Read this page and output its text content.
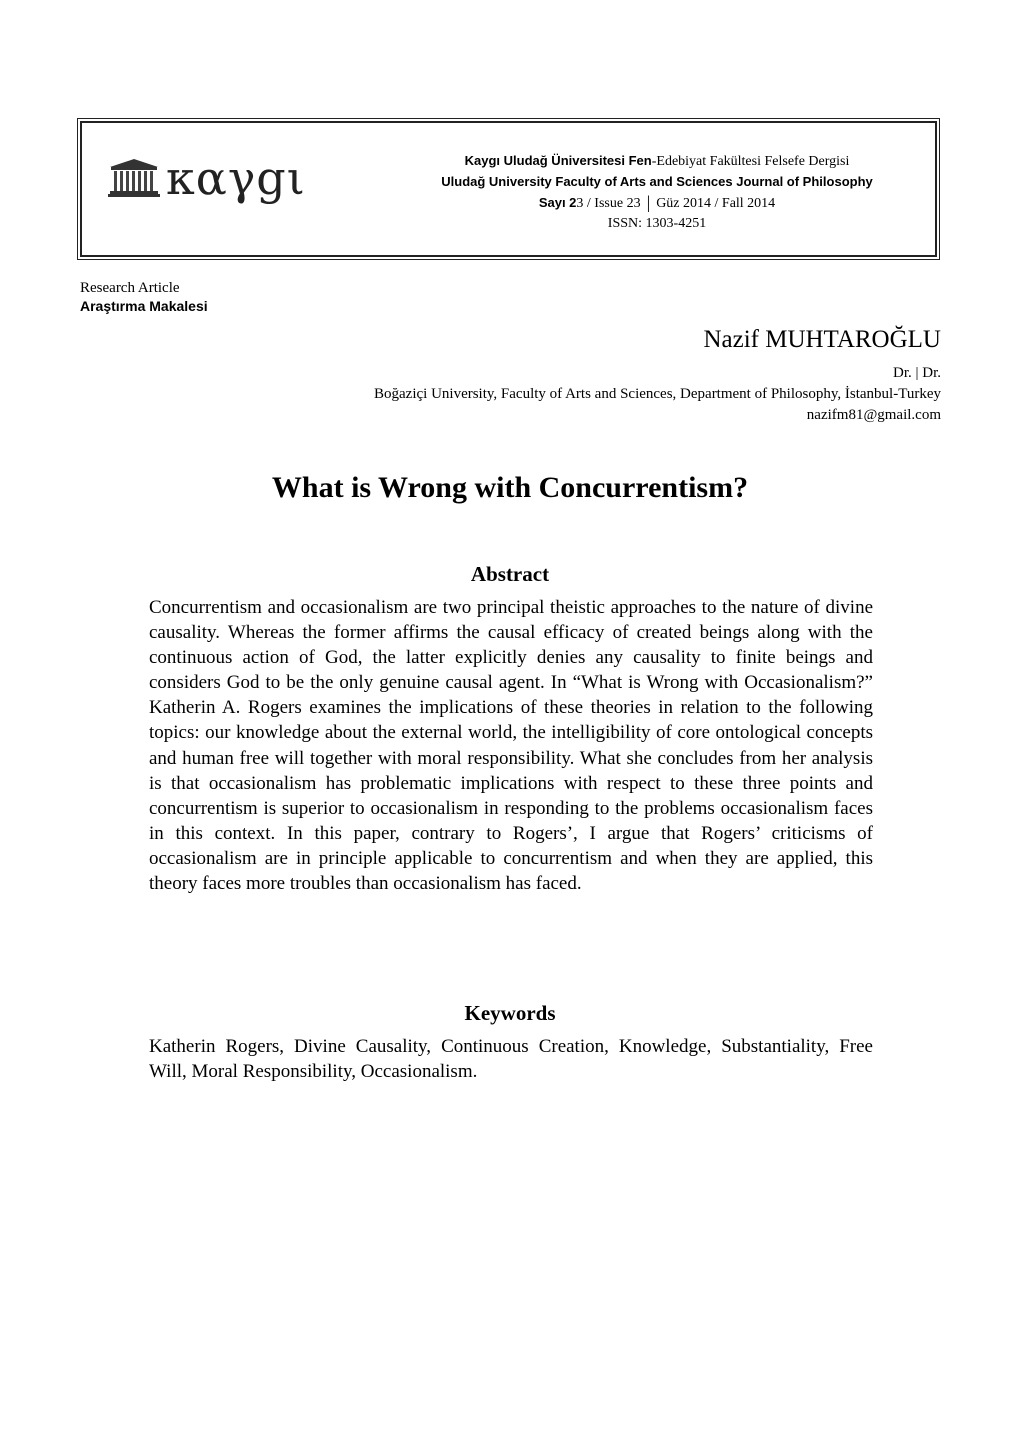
καγgι	Kaygı Uludağ Üniversitesi Fen-Edebiyat Fakültesi Felsefe Dergisi
Uludağ University Faculty of Arts and Sciences Journal of Philosophy
Sayı 23 / Issue 23 | Güz 2014 / Fall 2014
ISSN: 1303-4251
Research Article
Araştırma Makalesi
Nazif MUHTAROĞLU
Dr. | Dr.
Boğaziçi University, Faculty of Arts and Sciences, Department of Philosophy, İstanbul-Turkey
nazifm81@gmail.com
What is Wrong with Concurrentism?
Abstract
Concurrentism and occasionalism are two principal theistic approaches to the nature of divine causality. Whereas the former affirms the causal efficacy of created beings along with the continuous action of God, the latter explicitly denies any causality to finite beings and considers God to be the only genuine causal agent. In “What is Wrong with Occasionalism?” Katherin A. Rogers examines the implications of these theories in relation to the following topics: our knowledge about the external world, the intelligibility of core ontological concepts and human free will together with moral responsibility. What she concludes from her analysis is that occasionalism has problematic implications with respect to these three points and concurrentism is superior to occasionalism in responding to the problems occasionalism faces in this context. In this paper, contrary to Rogers’, I argue that Rogers’ criticisms of occasionalism are in principle applicable to concurrentism and when they are applied, this theory faces more troubles than occasionalism has faced.
Keywords
Katherin Rogers, Divine Causality, Continuous Creation, Knowledge, Substantiality, Free Will, Moral Responsibility, Occasionalism.
